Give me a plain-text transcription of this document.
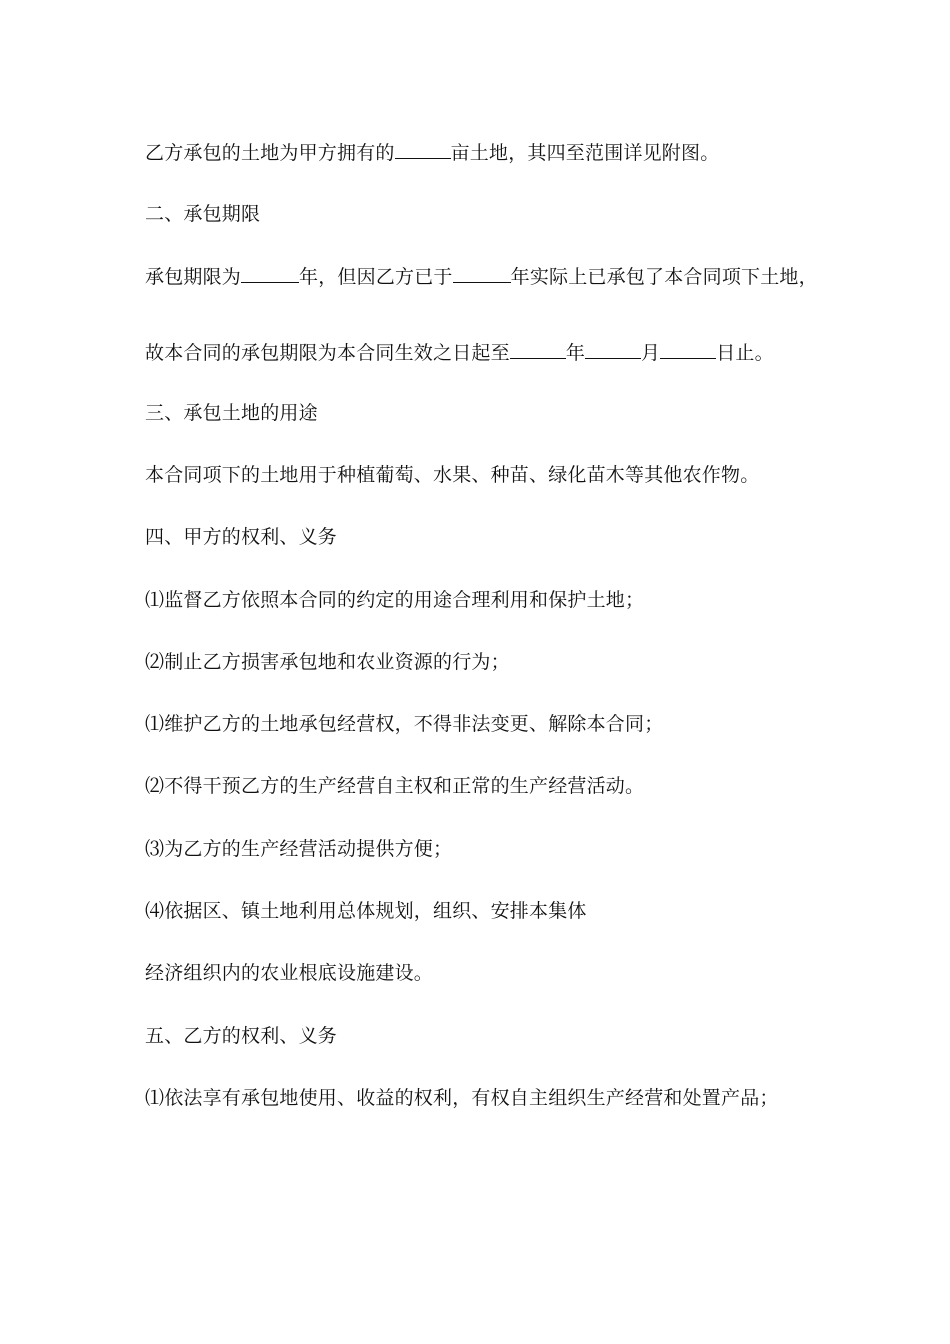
乙方承包的土地为甲方拥有的	亩土地，其四至范围详见附图。
二、承包期限
承包期限为	年，但因乙方已于	年实际上已承包了本合同项下土地，
故本合同的承包期限为本合同生效之日起至	年	月	日止。
三、承包土地的用途
本合同项下的土地用于种植葡萄、水果、种苗、绿化苗木等其他农作物。
四、甲方的权利、义务
⑴监督乙方依照本合同的约定的用途合理利用和保护土地；
⑵制止乙方损害承包地和农业资源的行为；
⑴维护乙方的土地承包经营权，不得非法变更、解除本合同；
⑵不得干预乙方的生产经营自主权和正常的生产经营活动。
⑶为乙方的生产经营活动提供方便；
⑷依据区、镇土地利用总体规划，组织、安排本集体
经济组织内的农业根底设施建设。
五、乙方的权利、义务
⑴依法享有承包地使用、收益的权利，有权自主组织生产经营和处置产品；
